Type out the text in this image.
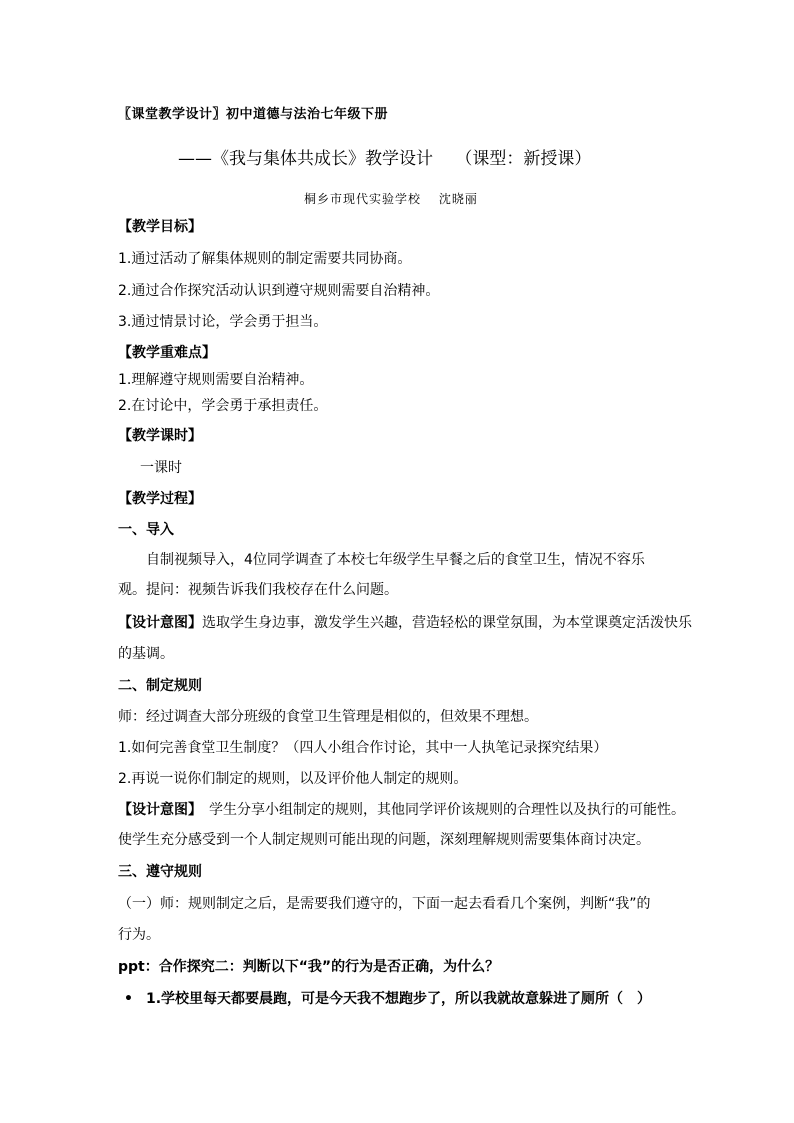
〖课堂教学设计〗初中道德与法治七年级下册
——《我与集体共成长》教学设计　 （课型：新授课）
桐乡市现代实验学校　 沈晓丽
【教学目标】
1.通过活动了解集体规则的制定需要共同协商。
2.通过合作探究活动认识到遵守规则需要自治精神。
3.通过情景讨论，学会勇于担当。
【教学重难点】
1.理解遵守规则需要自治精神。
2.在讨论中，学会勇于承担责任。
【教学课时】
一课时
【教学过程】
一、导入
自制视频导入，4位同学调查了本校七年级学生早餐之后的食堂卫生，情况不容乐
观。提问：视频告诉我们我校存在什么问题。
【设计意图】选取学生身边事，激发学生兴趣，营造轻松的课堂氛围，为本堂课奠定活泼快乐
的基调。
二、制定规则
师：经过调查大部分班级的食堂卫生管理是相似的，但效果不理想。
1.如何完善食堂卫生制度？（四人小组合作讨论，其中一人执笔记录探究结果）
2.再说一说你们制定的规则，以及评价他人制定的规则。
【设计意图】　学生分享小组制定的规则，其他同学评价该规则的合理性以及执行的可能性。
使学生充分感受到一个人制定规则可能出现的问题，深刻理解规则需要集体商讨决定。
三、遵守规则
（一）师：规则制定之后，是需要我们遵守的，下面一起去看看几个案例，判断“我”的
行为。
ppt：合作探究二：判断以下“我”的行为是否正确，为什么？
• 1.学校里每天都要晨跑，可是今天我不想跑步了，所以我就故意躲进了厕所（　）
